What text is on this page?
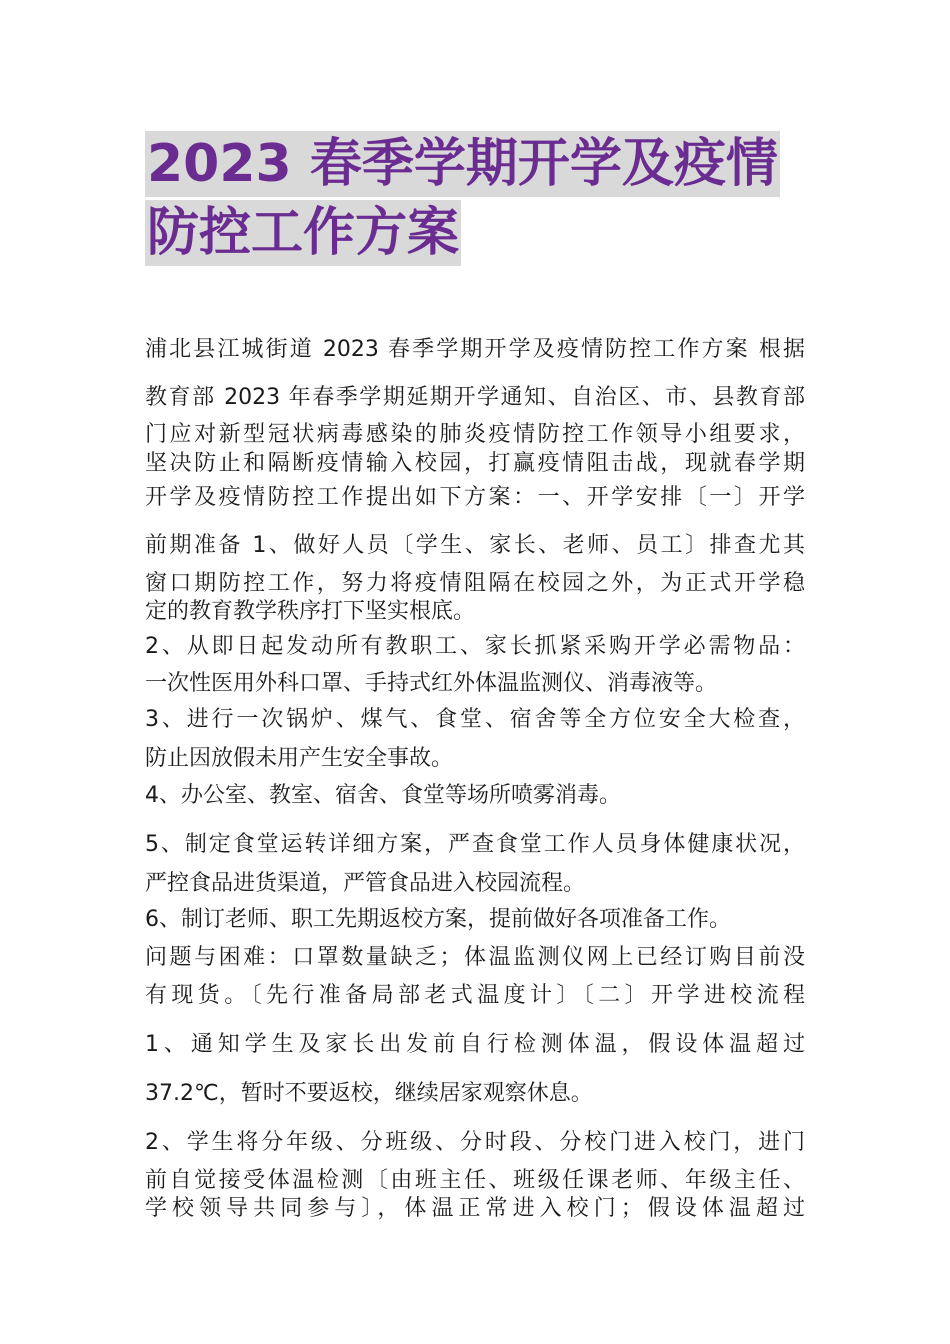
2023 春季学期开学及疫情
防控工作方案
浦北县江城街道 2023 春季学期开学及疫情防控工作方案 根据
教育部 2023 年春季学期延期开学通知、自治区、市、县教育部
门应对新型冠状病毒感染的肺炎疫情防控工作领导小组要求，
坚决防止和隔断疫情输入校园，打赢疫情阻击战，现就春学期
开学及疫情防控工作提出如下方案：一、开学安排〔一〕开学
前期准备 1、做好人员〔学生、家长、老师、员工〕排查尤其
窗口期防控工作，努力将疫情阻隔在校园之外，为正式开学稳
定的教育教学秩序打下坚实根底。
2、从即日起发动所有教职工、家长抓紧采购开学必需物品：
一次性医用外科口罩、手持式红外体温监测仪、消毒液等。
3、进行一次锅炉、煤气、食堂、宿舍等全方位安全大检查，
防止因放假未用产生安全事故。
4、办公室、教室、宿舍、食堂等场所喷雾消毒。
5、制定食堂运转详细方案，严查食堂工作人员身体健康状况，
严控食品进货渠道，严管食品进入校园流程。
6、制订老师、职工先期返校方案，提前做好各项准备工作。
问题与困难：口罩数量缺乏；体温监测仪网上已经订购目前没
有现货。〔先行准备局部老式温度计〕〔二〕开学进校流程
1、通知学生及家长出发前自行检测体温，假设体温超过
37.2℃，暂时不要返校，继续居家观察休息。
2、学生将分年级、分班级、分时段、分校门进入校门，进门
前自觉接受体温检测〔由班主任、班级任课老师、年级主任、
学校领导共同参与〕，体温正常进入校门；假设体温超过
